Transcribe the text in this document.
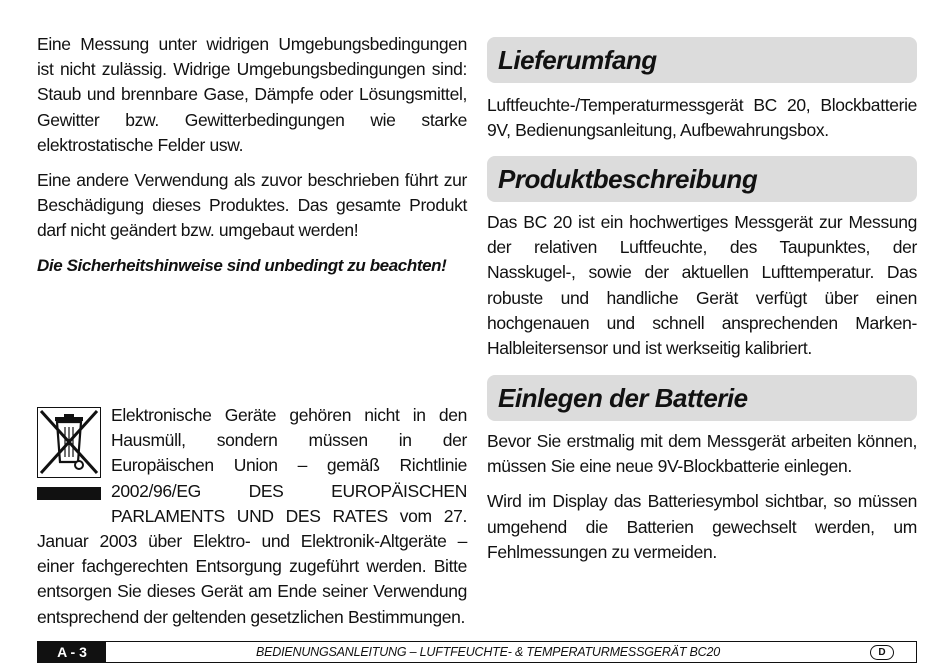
Eine Messung unter widrigen Umgebungsbedingungen ist nicht zulässig. Widrige Umgebungsbedingungen sind: Staub und brennbare Gase, Dämpfe oder Lösungsmittel, Gewitter bzw. Gewitterbedingungen wie starke elektrostatische Felder usw.

Eine andere Verwendung als zuvor beschrieben führt zur Beschädigung dieses Produktes. Das gesamte Produkt darf nicht geändert bzw. umgebaut werden!

Die Sicherheitshinweise sind unbedingt zu beachten!

Elektronische Geräte gehören nicht in den Hausmüll, sondern müssen in der Europäischen Union – gemäß Richtlinie 2002/96/EG DES EUROPÄISCHEN PARLAMENTS UND DES RATES vom 27. Januar 2003 über Elektro- und Elektronik-Altgeräte – einer fachgerechten Entsorgung zugeführt werden. Bitte entsorgen Sie dieses Gerät am Ende seiner Verwendung entsprechend der geltenden gesetzlichen Bestimmungen.

Lieferumfang

Luftfeuchte-/Temperaturmessgerät BC 20, Blockbatterie 9V, Bedienungsanleitung, Aufbewahrungsbox.

Produktbeschreibung

Das BC 20 ist ein hochwertiges Messgerät zur Messung der relativen Luftfeuchte, des Taupunktes, der Nasskugel-, sowie der aktuellen Lufttemperatur. Das robuste und handliche Gerät verfügt über einen hochgenauen und schnell ansprechenden Marken-Halbleitersensor und ist werkseitig kalibriert.

Einlegen der Batterie

Bevor Sie erstmalig mit dem Messgerät arbeiten können, müssen Sie eine neue 9V-Blockbatterie einlegen.

Wird im Display das Batteriesymbol sichtbar, so müssen umgehend die Batterien gewechselt werden, um Fehlmessungen zu vermeiden.

A - 3	BEDIENUNGSANLEITUNG – LUFTFEUCHTE- & TEMPERATURMESSGERÄT BC20	D
